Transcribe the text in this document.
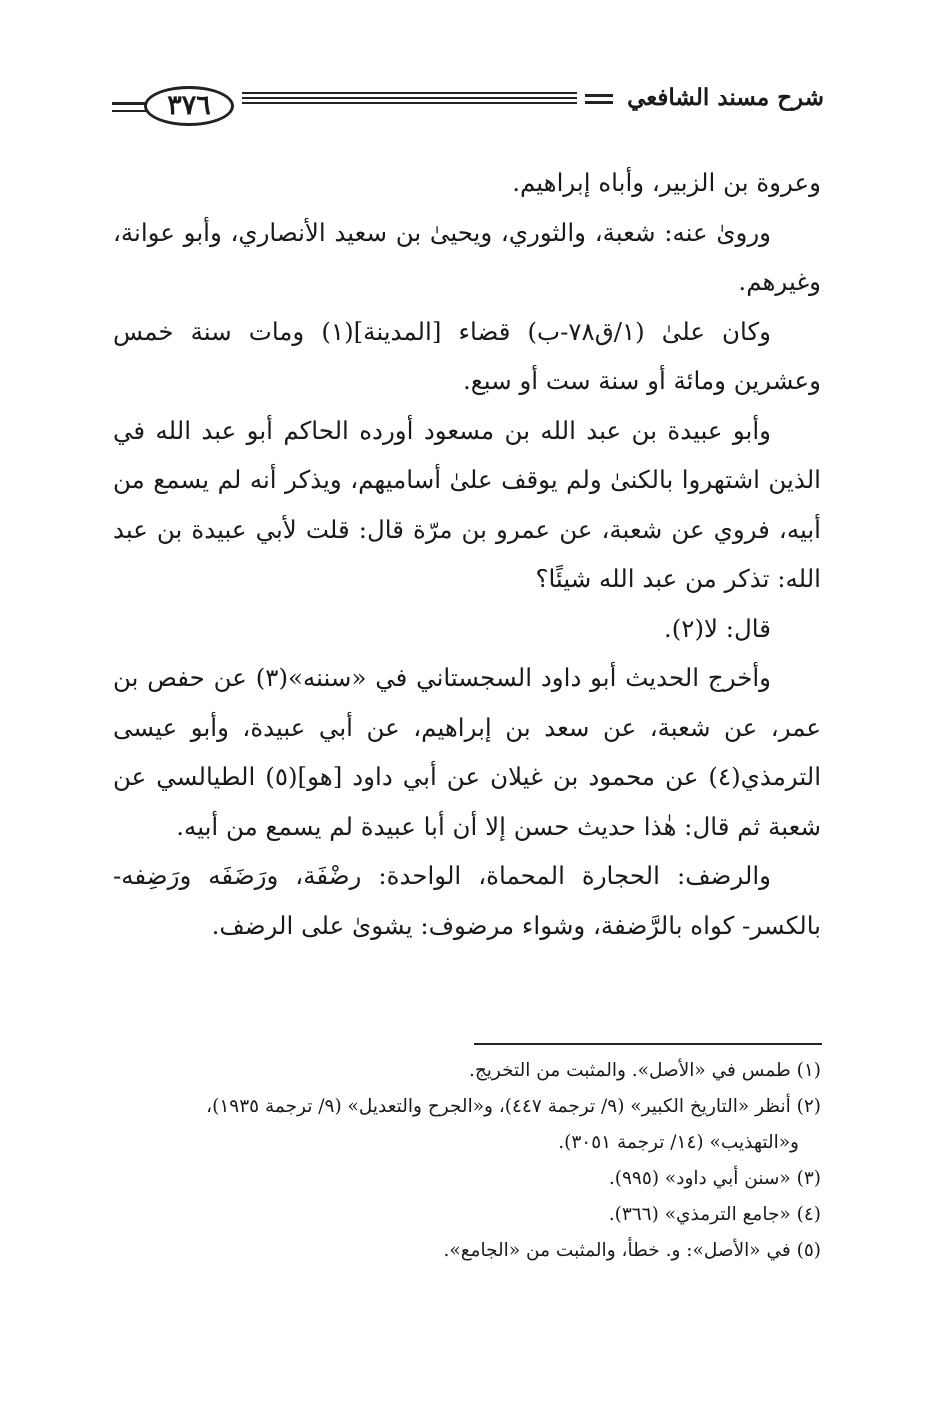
شرح مسند الشافعي
٣٧٦

وعروة بن الزبير، وأباه إبراهيم.

وروىٰ عنه: شعبة، والثوري، ويحيىٰ بن سعيد الأنصاري، وأبو عوانة، وغيرهم.

وكان علىٰ (١/ق٧٨-ب) قضاء [المدينة](١) ومات سنة خمس وعشرين ومائة أو سنة ست أو سبع.

وأبو عبيدة بن عبد الله بن مسعود أورده الحاكم أبو عبد الله في الذين اشتهروا بالكنىٰ ولم يوقف علىٰ أساميهم، ويذكر أنه لم يسمع من أبيه، فروي عن شعبة، عن عمرو بن مرّة قال: قلت لأبي عبيدة بن عبد الله: تذكر من عبد الله شيئًا؟

قال: لا(٢).

وأخرج الحديث أبو داود السجستاني في «سننه»(٣) عن حفص بن عمر، عن شعبة، عن سعد بن إبراهيم، عن أبي عبيدة، وأبو عيسى الترمذي(٤) عن محمود بن غيلان عن أبي داود [هو](٥) الطيالسي عن شعبة ثم قال: هٰذا حديث حسن إلا أن أبا عبيدة لم يسمع من أبيه.

والرضف: الحجارة المحماة، الواحدة: رضْفَة، ورَضَفَه ورَضِفه- بالكسر- كواه بالرَّضفة، وشواء مرضوف: يشوىٰ على الرضف.

(١) طمس في «الأصل». والمثبت من التخريج.

(٢) أنظر «التاريخ الكبير» (٩/ ترجمة ٤٤٧)، و«الجرح والتعديل» (٩/ ترجمة ١٩٣٥)،

و«التهذيب» (١٤/ ترجمة ٣٠٥١).

(٣) «سنن أبي داود» (٩٩٥).

(٤) «جامع الترمذي» (٣٦٦).

(٥) في «الأصل»: و. خطأ، والمثبت من «الجامع».
